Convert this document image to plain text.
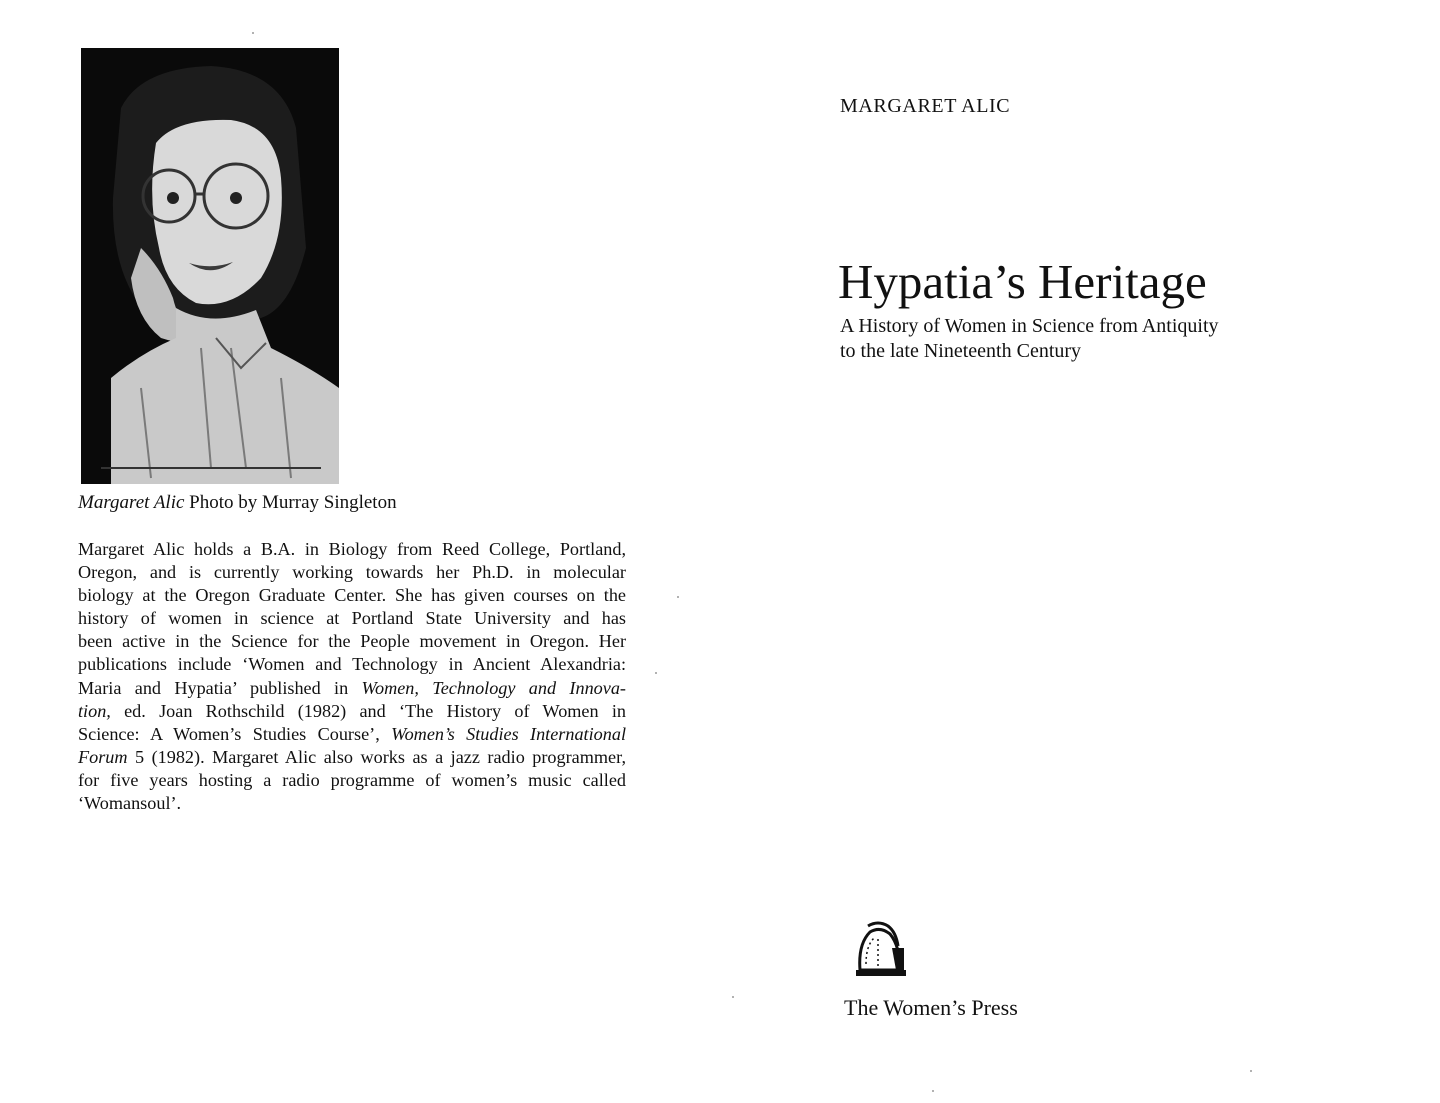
Margaret Alic Photo by Murray Singleton
Margaret Alic holds a B.A. in Biology from Reed College, Portland,
Oregon, and is currently working towards her Ph.D. in molecular
biology at the Oregon Graduate Center. She has given courses on the
history of women in science at Portland State University and has
been active in the Science for the People movement in Oregon. Her
publications include ‘Women and Technology in Ancient Alexandria:
Maria and Hypatia’ published in Women, Technology and Innova-
tion, ed. Joan Rothschild (1982) and ‘The History of Women in
Science: A Women’s Studies Course’, Women’s Studies International
Forum 5 (1982). Margaret Alic also works as a jazz radio programmer,
for five years hosting a radio programme of women’s music called
‘Womansoul’.
MARGARET ALIC
Hypatia’s Heritage
A History of Women in Science from Antiquity
to the late Nineteenth Century
The Women’s Press
